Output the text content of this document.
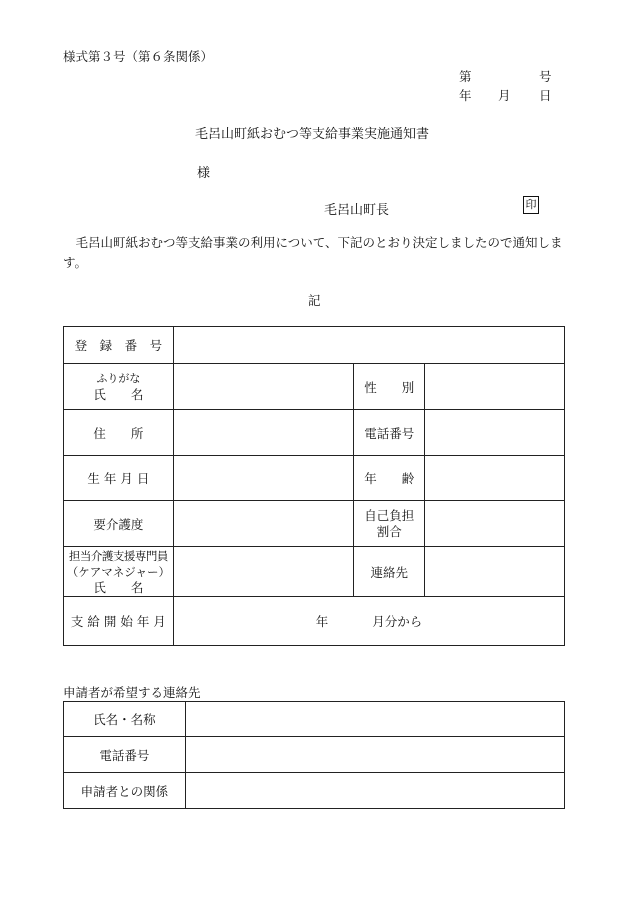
様式第３号（第６条関係）
第	号
年 月 日
毛呂山町紙おむつ等支給事業実施通知書
様
毛呂山町長	印
毛呂山町紙おむつ等支給事業の利用について、下記のとおり決定しましたので通知します。
記
登　録　番　号			

ふりがな
氏　　名		性　　別	
住　　所		電話番号	
生 年 月 日		年　　齢	
要介護度		自己負担
割合	

担当介護支援専門員
（ケアマネジャー）
氏　　名		連絡先	
支 給 開 始 年 月	年 月分から		
申請者が希望する連絡先
氏名・名称	
電話番号	
申請者との関係	
